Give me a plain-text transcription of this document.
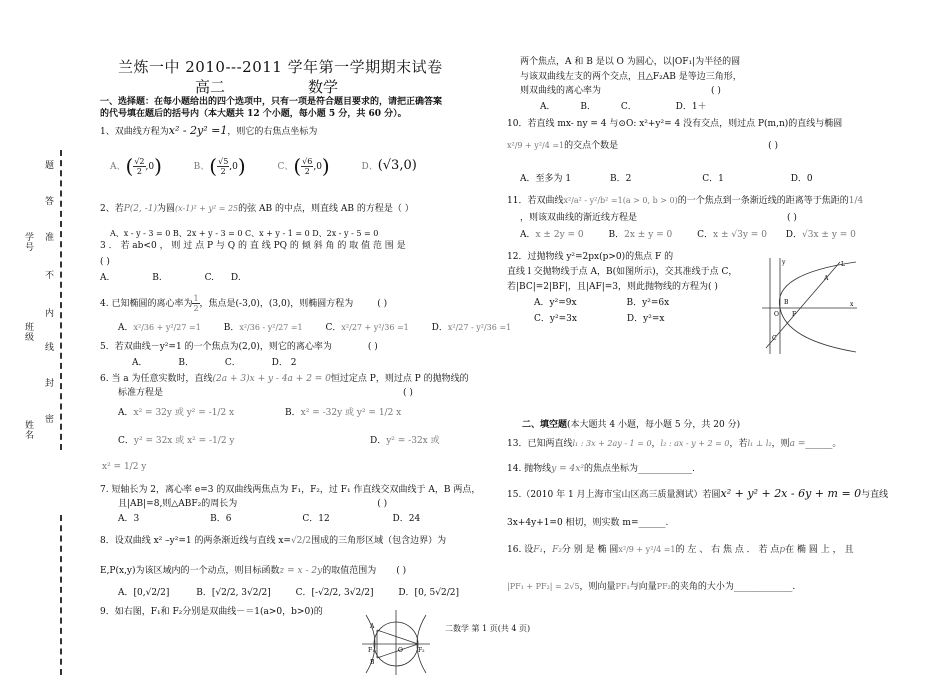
学号
班级
姓名
题
答
准
不
内
线
封
密
兰炼一中 2010---2011 学年第一学期期末试卷
高二	数学
一、选择题：在每小题给出的四个选项中，只有一项是符合题目要求的，请把正确答案
的代号填在题后的括号内（本大题共 12 个小题，每小题 5 分，共 60 分）。
1、双曲线方程为x² - 2y² =1，则它的右焦点坐标为
A、( $\frac{√2}{2} ,0$)	B、( $\frac{√5}{2} ,0$)	C、( $\frac{√6}{2} ,0$)	D、(√3,0)
2、若P(2, -1)为圆(x-1)² + y² = 25的弦 AB 的中点，则直线 AB 的方程是（ ）
A、x - y - 3 = 0 B、2x + y - 3 = 0 C、x + y - 1 = 0 D、2x - y - 5 = 0
3 ． 若 ab<0 ， 则 过 点 P 与 Q 的 直 线 PQ 的 倾 斜 角 的 取 值 范 围 是
( )
A.	B.	C. D.
4. 已知椭圆的离心率为 $\frac{1}{2}$ ，焦点是(-3,0)，(3,0)，则椭圆方程为	( )
A．x²/36 + y²/27 =1	B．x²/36 - y²/27 =1	C．x²/27 + y²/36 =1	D．x²/27 - y²/36 =1
5．若双曲线－y²=1 的一个焦点为(2,0)，则它的离心率为	( )
A．	B．	C．	D． 2
6. 当 a 为任意实数时，直线(2a + 3)x + y - 4a + 2 = 0恒过定点 P，则过点 P 的抛物线的
标准方程是	( )
A．x² = 32y 或 y² = -1/2 x	B．x² = -32y 或 y² = 1/2 x
C．y² = 32x 或 x² = -1/2 y	D．y² = -32x 或
x² = 1/2 y
7. 短轴长为 2，离心率 e=3 的双曲线两焦点为 F₁，F₂，过 F₁ 作直线交双曲线于 A，B 两点，
且|AB|=8,则△ABF₂的周长为	( )
A．3	B．6	C．12	D．24
8．设双曲线 x² –y²=1 的两条渐近线与直线 x=√2/2围成的三角形区域（包含边界）为
E,P(x,y)为该区域内的一个动点，则目标函数z = x - 2y的取值范围为 ( )
A．[0,√2/2]	B．[√2/2, 3√2/2]	C．[-√2/2, 3√2/2]	D．[0, 5√2/2]
9．如右图，F₁和 F₂分别是双曲线－＝1(a>0，b>0)的
A
B
F₁	F₂
O
两个焦点，A 和 B 是以 O 为圆心，以|OF₁|为半径的圆
与该双曲线左支的两个交点，且△F₂AB 是等边三角形，
则双曲线的离心率为	( )
A．	B．	C．	D．1＋
10．若直线 mx- ny = 4 与⊙O: x²+y²= 4 没有交点，则过点 P(m,n)的直线与椭圆
x²/9 + y²/4 =1的交点个数是	( )
A．至多为 1	B．2	C．1	D．0
11．若双曲线x²/a² - y²/b² =1(a > 0, b > 0)的一个焦点到一条渐近线的距离等于焦距的1/4
，则该双曲线的渐近线方程是	( )
A．x ± 2y = 0	B．2x ± y = 0	C．x ± √3y = 0 D．√3x ± y = 0
12．过抛物线 y²=2px(p>0)的焦点 F 的
直线 l 交抛物线于点 A，B(如图所示)，交其准线于点 C，
若|BC|=2|BF|，且|AF|=3，则此抛物线的方程为( )
A．y²=9x	B．y²=6x
C．y²=3x	D．y²=x
y	L
A
O F
x
B
C
二、填空题(本大题共 4 小题，每小题 5 分，共 20 分)
13．已知两直线l₁ : 3x + 2ay - 1 = 0，l₂ : ax - y + 2 = 0，若l₁ ⊥ l₂，则a =______。
14. 抛物线y = 4x²的焦点坐标为____________.
15.（2010 年 1 月上海市宝山区高三质量测试）若圆x² + y² + 2x - 6y + m = 0与直线
3x+4y+1=0 相切，则实数 m=______.
16. 设F₁，F₂分 别 是 椭 圆x²/9 + y²/4 =1的 左 、 右 焦 点 ． 若 点p在 椭 圆 上 ， 且
|PF₁ + PF₂| = 2√5，则向量PF₁与向量PF₂的夹角的大小为_____________.
二数学 第 1 页(共 4 页)
